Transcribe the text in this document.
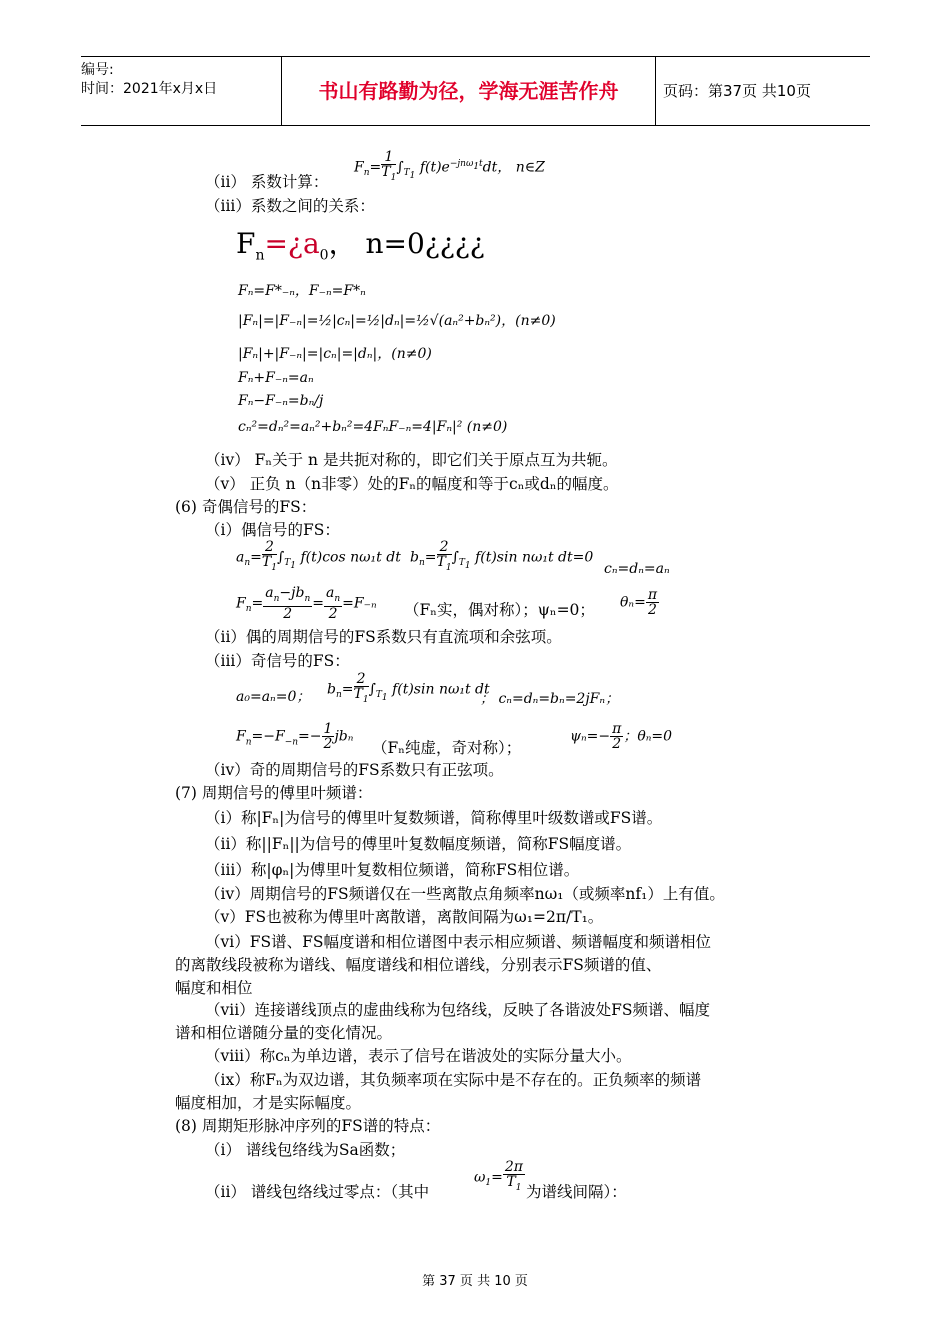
编号:
时间：2021年x月x日	书山有路勤为径，学海无涯苦作舟	页码：第37页 共10页
$F_n= \frac{1}{T_1} \int_{T_1}$ $f(t)e^{-jn\omega_1t}dt$， n∈Z
（ii） 系数计算：
（iii）系数之间的关系：
$F_n=¿a_0$， n=0¿¿¿¿
Fₙ=F*₋ₙ，F₋ₙ=F*ₙ
|Fₙ|=|F₋ₙ|=½|cₙ|=½|dₙ|=½√(aₙ²+bₙ²)，(n≠0)
|Fₙ|+|F₋ₙ|=|cₙ|=|dₙ|，(n≠0)
Fₙ+F₋ₙ=aₙ
Fₙ−F₋ₙ=bₙ/j
cₙ²=dₙ²=aₙ²+bₙ²=4FₙF₋ₙ=4|Fₙ|² (n≠0)
（iv） Fₙ关于 n 是共扼对称的，即它们关于原点互为共轭。
（v） 正负 n（n非零）处的Fₙ的幅度和等于cₙ或dₙ的幅度。
(6) 奇偶信号的FS：
（i）偶信号的FS：
$a_n= \frac{2}{T_1} \int_{T_1}$ f(t)cos nω₁t dt $b_n= \frac{2}{T_1} \int_{T_1}$ f(t)sin nω₁t dt=0
cₙ=dₙ=aₙ
$F_n= \frac{a_n-jb_n}{2} = \frac{a_n}{2} =F_{-n}$ （Fₙ实，偶对称）；ψₙ=0； $\theta_n= \frac{\pi}{2}$
（ii）偶的周期信号的FS系数只有直流项和余弦项。
（iii）奇信号的FS：
a₀=aₙ=0； $b_n= \frac{2}{T_1} \int_{T_1}$ f(t)sin nω₁t dt
； cₙ=dₙ=bₙ=2jFₙ；
$F_n=-F_{-n}=- \frac{1}{2}$ jbₙ
（Fₙ纯虚，奇对称）；
$\psi_n=- \frac{\pi}{2}$ ；θₙ=0
（iv）奇的周期信号的FS系数只有正弦项。
(7) 周期信号的傅里叶频谱：
（i）称|Fₙ|为信号的傅里叶复数频谱，简称傅里叶级数谱或FS谱。
（ii）称||Fₙ||为信号的傅里叶复数幅度频谱，简称FS幅度谱。
（iii）称|φₙ|为傅里叶复数相位频谱，简称FS相位谱。
（iv）周期信号的FS频谱仅在一些离散点角频率nω₁（或频率nf₁）上有值。
（v）FS也被称为傅里叶离散谱，离散间隔为ω₁=2π/T₁。
（vi）FS谱、FS幅度谱和相位谱图中表示相应频谱、频谱幅度和频谱相位
的离散线段被称为谱线、幅度谱线和相位谱线，分别表示FS频谱的值、
幅度和相位
（vii）连接谱线顶点的虚曲线称为包络线，反映了各谐波处FS频谱、幅度
谱和相位谱随分量的变化情况。
（viii）称cₙ为单边谱，表示了信号在谐波处的实际分量大小。
（ix）称Fₙ为双边谱，其负频率项在实际中是不存在的。正负频率的频谱
幅度相加，才是实际幅度。
(8) 周期矩形脉冲序列的FS谱的特点：
（i） 谱线包络线为Sa函数；
（ii） 谱线包络线过零点：（其中
$\omega_1= \frac{2\pi}{T_1}$ 为谱线间隔）：
第 37 页 共 10 页
